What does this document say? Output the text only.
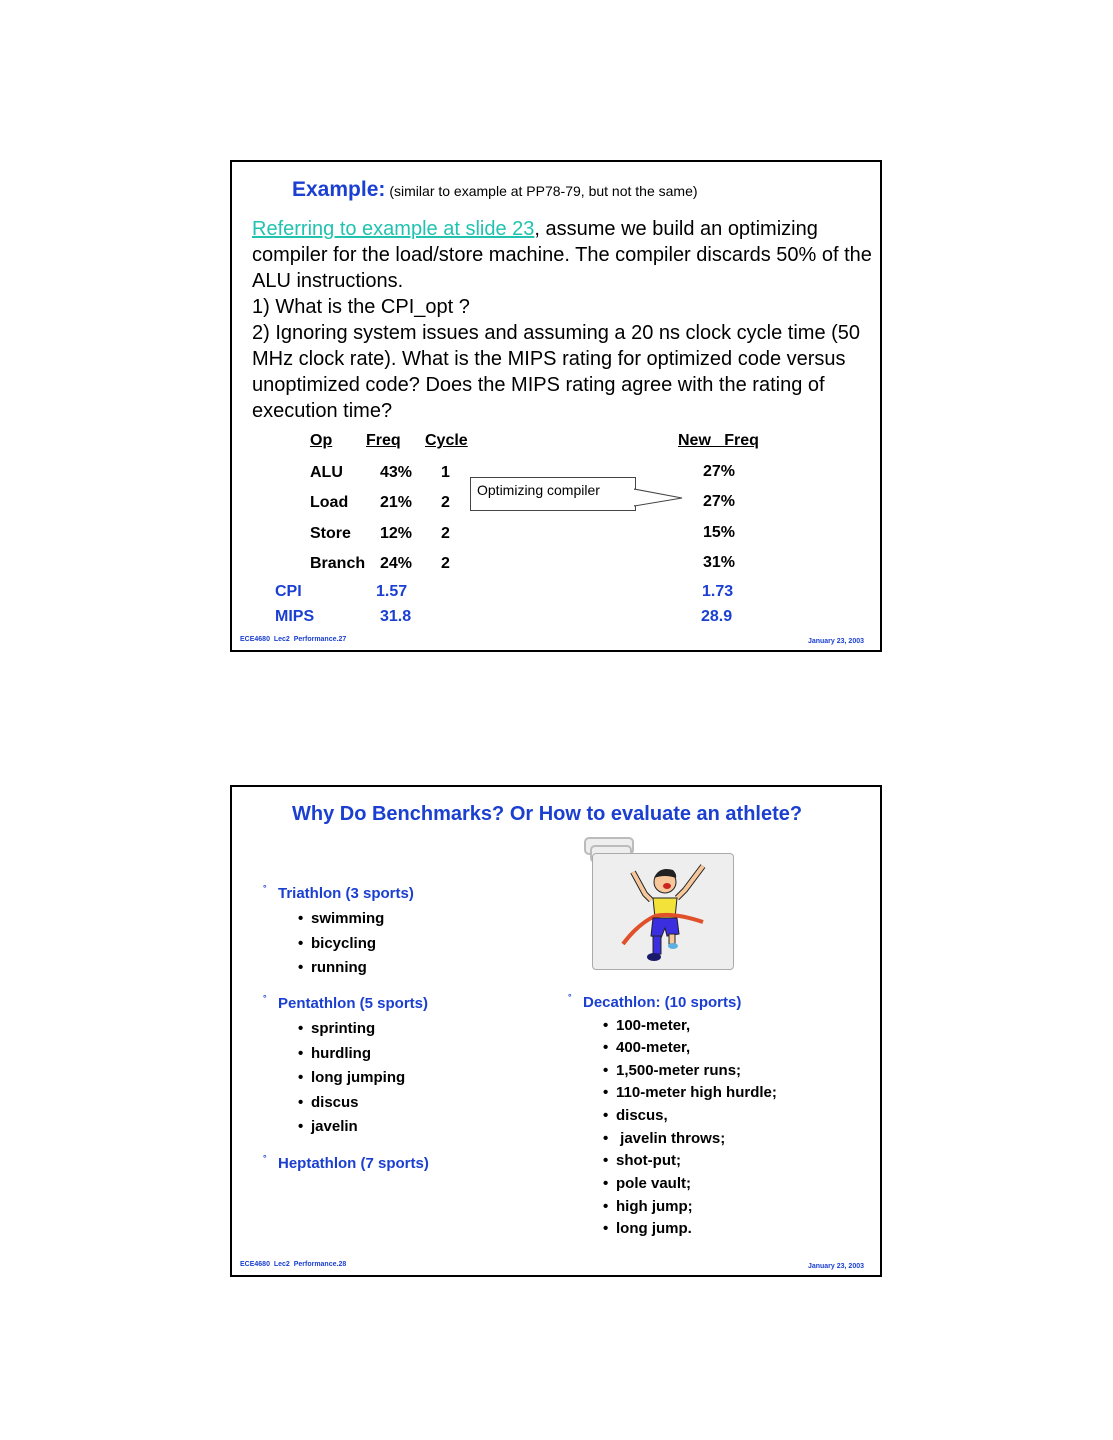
Example: (similar to example at PP78-79, but not the same)
Referring to example at slide 23, assume we build an optimizing compiler for the load/store machine. The compiler discards 50% of the ALU instructions.
1) What is the CPI_opt ?
2) Ignoring system issues and assuming a 20 ns clock cycle time (50 MHz clock rate). What is the MIPS rating for optimized code versus unoptimized code? Does the MIPS rating agree with the rating of execution time?
Op Freq Cycle	New   Freq
ALU 43% 1	27%
Load 21% 2	27%
Store 12% 2	15%
Branch 24% 2	31%
CPI	1.57	1.73
MIPS	31.8	28.9
Optimizing compiler
ECE4680  Lec2  Performance.27	January 23, 2003
Why Do Benchmarks? Or How to evaluate an athlete?
° Triathlon (3 sports)
• swimming
• bicycling
• running
° Pentathlon (5 sports)
• sprinting
• hurdling
• long jumping
• discus
• javelin
° Heptathlon (7 sports)
° Decathlon: (10 sports)
• 100-meter,
• 400-meter,
• 1,500-meter runs;
• 110-meter high hurdle;
• discus,
• javelin throws;
• shot-put;
• pole vault;
• high jump;
• long jump.
ECE4680  Lec2  Performance.28	January 23, 2003
